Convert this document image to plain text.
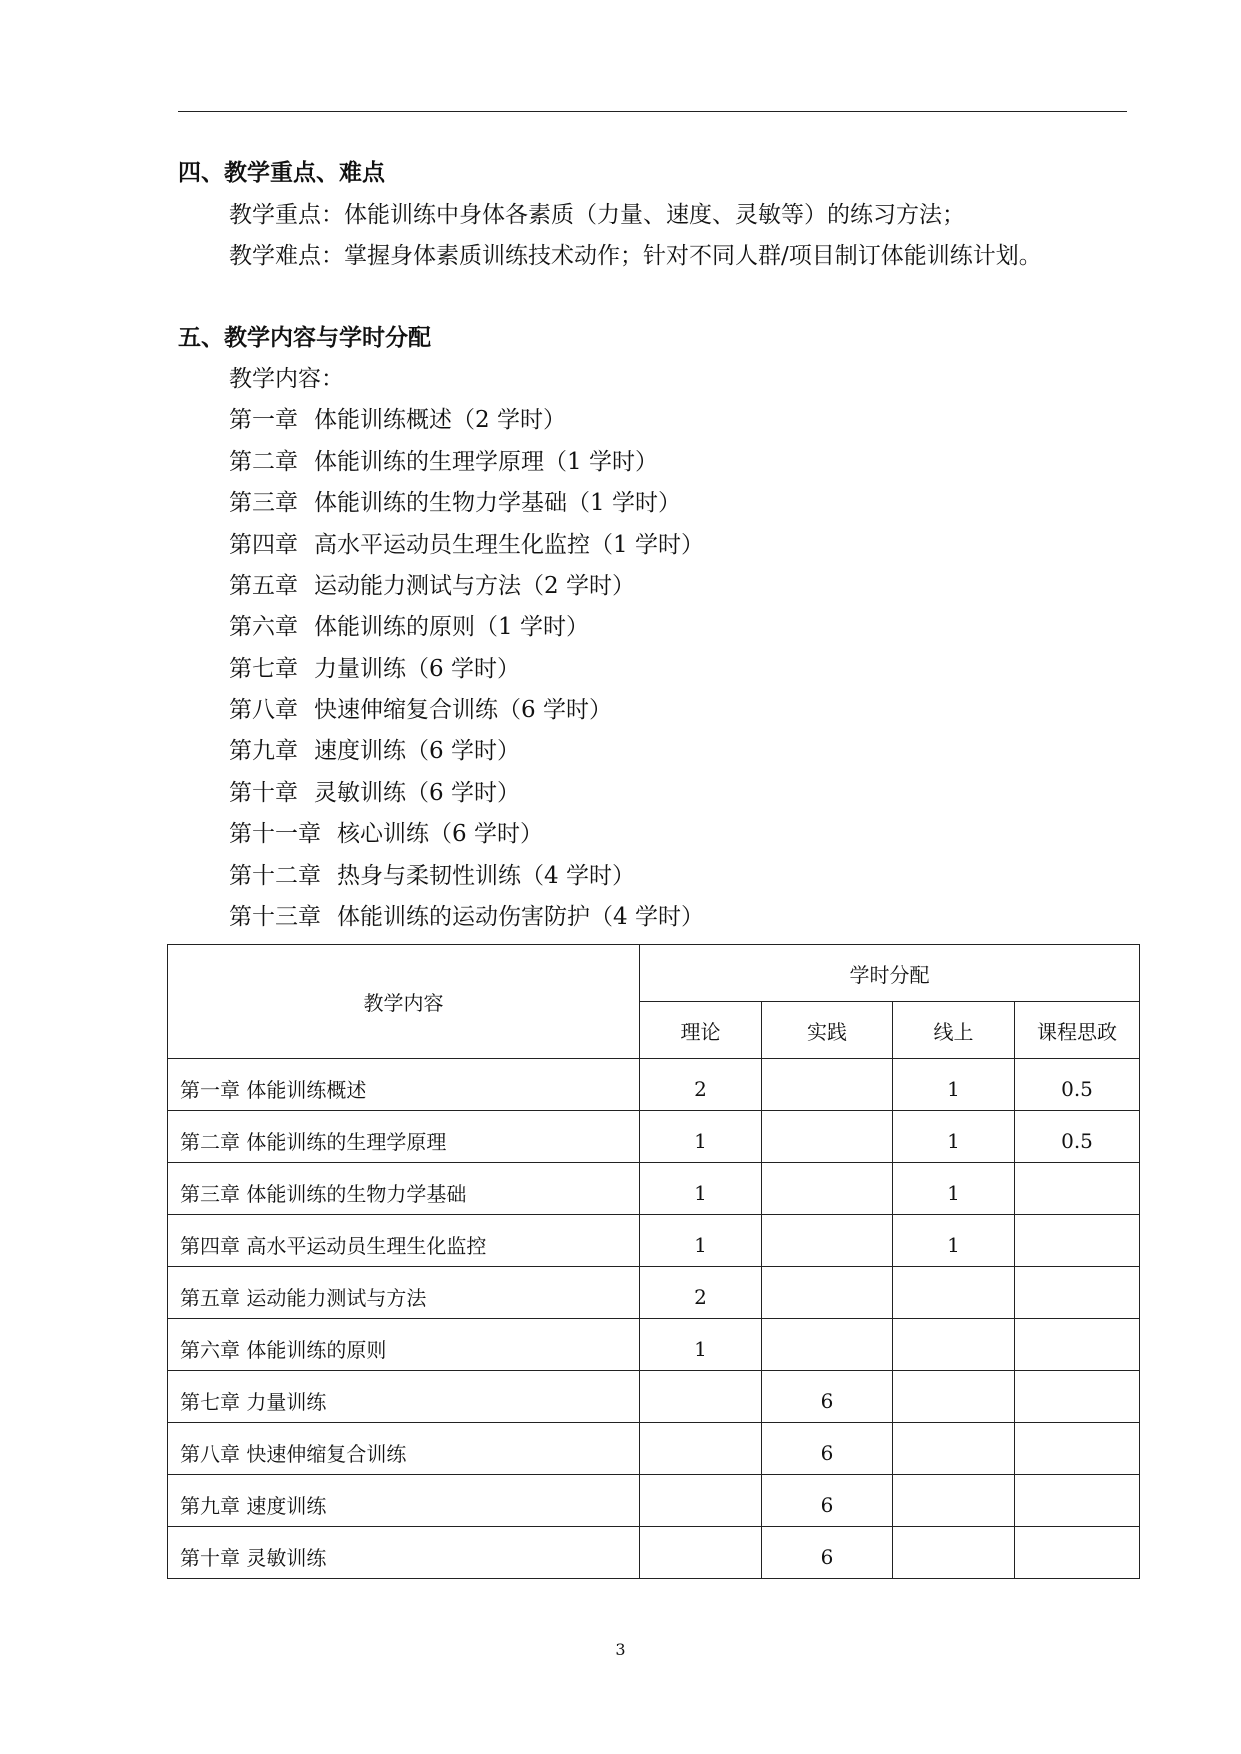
四、教学重点、难点
教学重点：体能训练中身体各素质（力量、速度、灵敏等）的练习方法；
教学难点：掌握身体素质训练技术动作；针对不同人群/项目制订体能训练计划。
五、教学内容与学时分配
教学内容：
第一章 体能训练概述（2 学时）
第二章 体能训练的生理学原理（1 学时）
第三章 体能训练的生物力学基础（1 学时）
第四章 高水平运动员生理生化监控（1 学时）
第五章 运动能力测试与方法（2 学时）
第六章 体能训练的原则（1 学时）
第七章 力量训练（6 学时）
第八章 快速伸缩复合训练（6 学时）
第九章 速度训练（6 学时）
第十章 灵敏训练（6 学时）
第十一章 核心训练（6 学时）
第十二章 热身与柔韧性训练（4 学时）
第十三章 体能训练的运动伤害防护（4 学时）
教学内容	学时分配			
	理论	实践	线上	课程思政
第一章 体能训练概述	2		1	0.5
第二章 体能训练的生理学原理	1		1	0.5
第三章 体能训练的生物力学基础	1		1	
第四章 高水平运动员生理生化监控	1		1	
第五章 运动能力测试与方法	2			
第六章 体能训练的原则	1			
第七章 力量训练		6		
第八章 快速伸缩复合训练		6		
第九章 速度训练		6		
第十章 灵敏训练		6		
3
